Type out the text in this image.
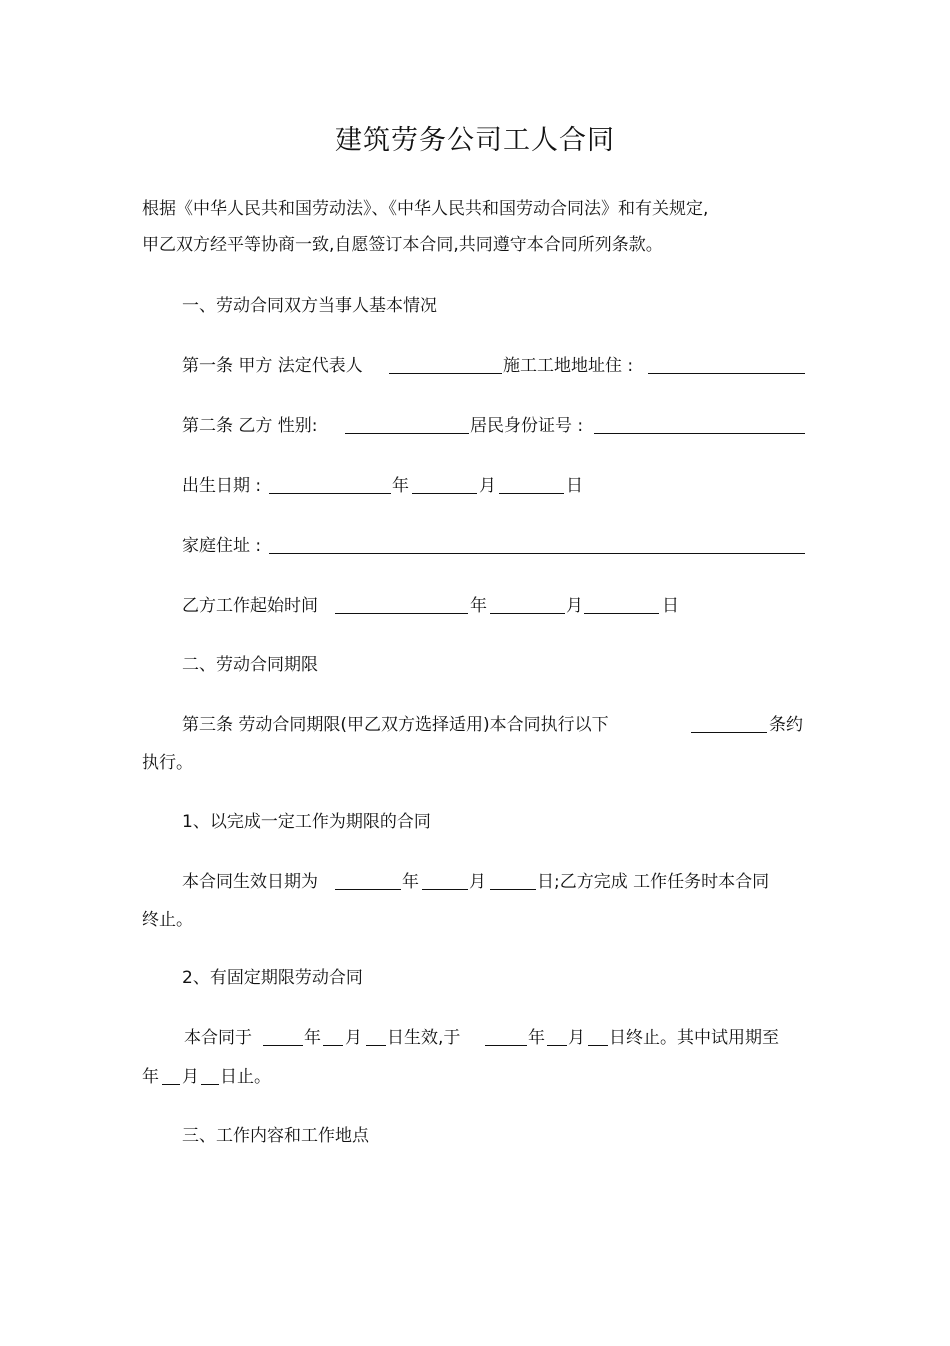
建筑劳务公司工人合同
根据《中华人民共和国劳动法》、《中华人民共和国劳动合同法》和有关规定,
甲乙双方经平等协商一致,自愿签订本合同,共同遵守本合同所列条款。
一、劳动合同双方当事人基本情况
第一条 甲方 法定代表人	施工工地地址住 :
第二条 乙方 性别:	居民身份证号 :
出生日期 :	年	月	日
家庭住址 :
乙方工作起始时间	年	月	日
二、劳动合同期限
第三条 劳动合同期限(甲乙双方选择适用)本合同执行以下	条约
执行。
1、以完成一定工作为期限的合同
本合同生效日期为	年	月	日;乙方完成 工作任务时本合同
终止。
2、有固定期限劳动合同
本合同于	年 月 日生效,于	年 月 日终止。其中试用期至
年 月 日止。
三、工作内容和工作地点
